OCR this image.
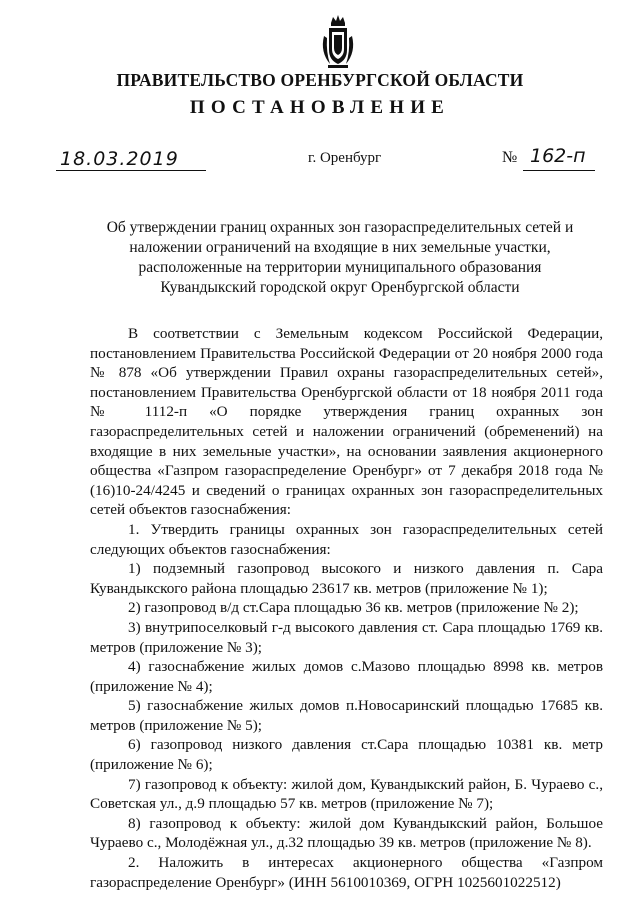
ПРАВИТЕЛЬСТВО ОРЕНБУРГСКОЙ ОБЛАСТИ
ПОСТАНОВЛЕНИЕ
18.03.2019	г. Оренбург	№ 162-п
Об утверждении границ охранных зон газораспределительных сетей и наложении ограничений на входящие в них земельные участки, расположенные на территории муниципального образования Кувандыкский городской округ Оренбургской области

В соответствии с Земельным кодексом Российской Федерации, постановлением Правительства Российской Федерации от 20 ноября 2000 года № 878 «Об утверждении Правил охраны газораспределительных сетей», постановлением Правительства Оренбургской области от 18 ноября 2011 года № 1112-п «О порядке утверждения границ охранных зон газораспределительных сетей и наложении ограничений (обременений) на входящие в них земельные участки», на основании заявления акционерного общества «Газпром газораспределение Оренбург» от 7 декабря 2018 года № (16)10-24/4245 и сведений о границах охранных зон газораспределительных сетей объектов газоснабжения:

1. Утвердить границы охранных зон газораспределительных сетей следующих объектов газоснабжения:

1) подземный газопровод высокого и низкого давления п. Сара Кувандыкского района площадью 23617 кв. метров (приложение № 1);

2) газопровод в/д ст.Сара площадью 36 кв. метров (приложение № 2);

3) внутрипоселковый г-д высокого давления ст. Сара площадью 1769 кв. метров (приложение № 3);

4) газоснабжение жилых домов с.Мазово площадью 8998 кв. метров (приложение № 4);

5) газоснабжение жилых домов п.Новосаринский площадью 17685 кв. метров (приложение № 5);

6) газопровод низкого давления ст.Сара площадью 10381 кв. метр (приложение № 6);

7) газопровод к объекту: жилой дом, Кувандыкский район, Б. Чураево с., Советская ул., д.9 площадью 57 кв. метров (приложение № 7);

8) газопровод к объекту: жилой дом Кувандыкский район, Большое Чураево с., Молодёжная ул., д.32 площадью 39 кв. метров (приложение № 8).

2. Наложить в интересах акционерного общества «Газпром газораспределение Оренбург» (ИНН 5610010369, ОГРН 1025601022512)
